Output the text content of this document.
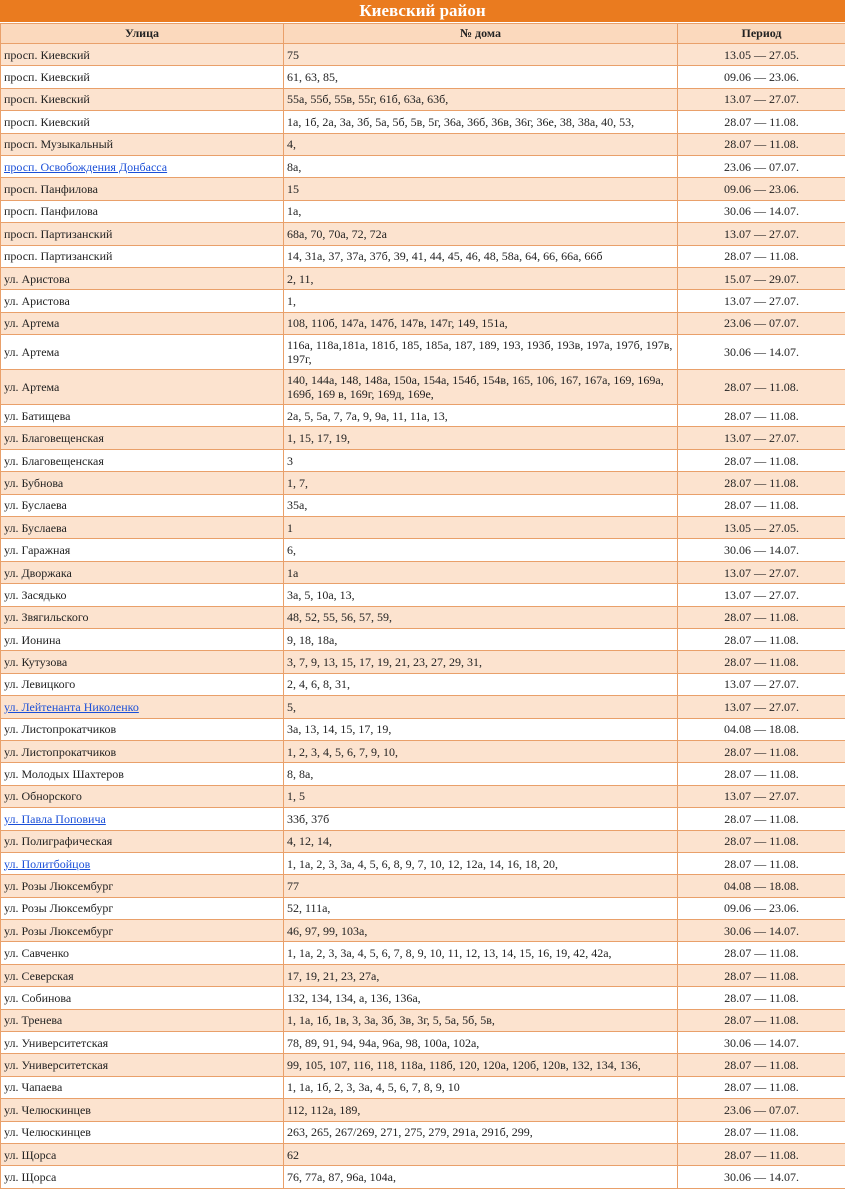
Киевский район
Улица	№ дома	Период
просп. Киевский	75	13.05 — 27.05.
просп. Киевский	61, 63, 85,	09.06 — 23.06.
просп. Киевский	55а, 55б, 55в, 55г, 61б, 63а, 63б,	13.07 — 27.07.
просп. Киевский	1а, 1б, 2а, 3а, 3б, 5а, 5б, 5в, 5г, 36а, 36б, 36в, 36г, 36е, 38, 38а, 40, 53,	28.07 — 11.08.
просп. Музыкальный	4,	28.07 — 11.08.
просп. Освобождения Донбасса	8а,	23.06 — 07.07.
просп. Панфилова	15	09.06 — 23.06.
просп. Панфилова	1а,	30.06 — 14.07.
просп. Партизанский	68а, 70, 70а, 72, 72а	13.07 — 27.07.
просп. Партизанский	14, 31а, 37, 37а, 37б, 39, 41, 44, 45, 46, 48, 58а, 64, 66, 66а, 66б	28.07 — 11.08.
ул. Аристова	2, 11,	15.07 — 29.07.
ул. Аристова	1,	13.07 — 27.07.
ул. Артема	108, 110б, 147а, 147б, 147в, 147г, 149, 151а,	23.06 — 07.07.
ул. Артема	116а, 118а,181а, 181б, 185, 185а, 187, 189, 193, 193б, 193в, 197а, 197б, 197в, 197г,	30.06 — 14.07.
ул. Артема	140, 144а, 148, 148а, 150а, 154а, 154б, 154в, 165, 106, 167, 167а, 169, 169а, 169б, 169 в, 169г, 169д, 169е,	28.07 — 11.08.
ул. Батищева	2а, 5, 5а, 7, 7а, 9, 9а, 11, 11а, 13,	28.07 — 11.08.
ул. Благовещенская	1, 15, 17, 19,	13.07 — 27.07.
ул. Благовещенская	3	28.07 — 11.08.
ул. Бубнова	1, 7,	28.07 — 11.08.
ул. Буслаева	35а,	28.07 — 11.08.
ул. Буслаева	1	13.05 — 27.05.
ул. Гаражная	6,	30.06 — 14.07.
ул. Дворжака	1а	13.07 — 27.07.
ул. Засядько	3а, 5, 10а, 13,	13.07 — 27.07.
ул. Звягильского	48, 52, 55, 56, 57, 59,	28.07 — 11.08.
ул. Ионина	9, 18, 18а,	28.07 — 11.08.
ул. Кутузова	3, 7, 9, 13, 15, 17, 19, 21, 23, 27, 29, 31,	28.07 — 11.08.
ул. Левицкого	2, 4, 6, 8, 31,	13.07 — 27.07.
ул. Лейтенанта Николенко	5,	13.07 — 27.07.
ул. Листопрокатчиков	3а, 13, 14, 15, 17, 19,	04.08 — 18.08.
ул. Листопрокатчиков	1, 2, 3, 4, 5, 6, 7, 9, 10,	28.07 — 11.08.
ул. Молодых Шахтеров	8, 8а,	28.07 — 11.08.
ул. Обнорского	1, 5	13.07 — 27.07.
ул. Павла Поповича	33б, 37б	28.07 — 11.08.
ул. Полиграфическая	4, 12, 14,	28.07 — 11.08.
ул. Политбойцов	1, 1а, 2, 3, 3а, 4, 5, 6, 8, 9, 7, 10, 12, 12а, 14, 16, 18, 20,	28.07 — 11.08.
ул. Розы Люксембург	77	04.08 — 18.08.
ул. Розы Люксембург	52, 111а,	09.06 — 23.06.
ул. Розы Люксембург	46, 97, 99, 103а,	30.06 — 14.07.
ул. Савченко	1, 1а, 2, 3, 3а, 4, 5, 6, 7, 8, 9, 10, 11, 12, 13, 14, 15, 16, 19, 42, 42а,	28.07 — 11.08.
ул. Северская	17, 19, 21, 23, 27а,	28.07 — 11.08.
ул. Собинова	132, 134, 134, а, 136, 136а,	28.07 — 11.08.
ул. Тренева	1, 1а, 1б, 1в, 3, 3а, 3б, 3в, 3г, 5, 5а, 5б, 5в,	28.07 — 11.08.
ул. Университетская	78, 89, 91, 94, 94а, 96а, 98, 100а, 102а,	30.06 — 14.07.
ул. Университетская	99, 105, 107, 116, 118, 118а, 118б, 120, 120а, 120б, 120в, 132, 134, 136,	28.07 — 11.08.
ул. Чапаева	1, 1а, 1б, 2, 3, 3а, 4, 5, 6, 7, 8, 9, 10	28.07 — 11.08.
ул. Челюскинцев	112, 112а, 189,	23.06 — 07.07.
ул. Челюскинцев	263, 265, 267/269, 271, 275, 279, 291а, 291б, 299,	28.07 — 11.08.
ул. Щорса	62	28.07 — 11.08.
ул. Щорса	76, 77а, 87, 96а, 104а,	30.06 — 14.07.
